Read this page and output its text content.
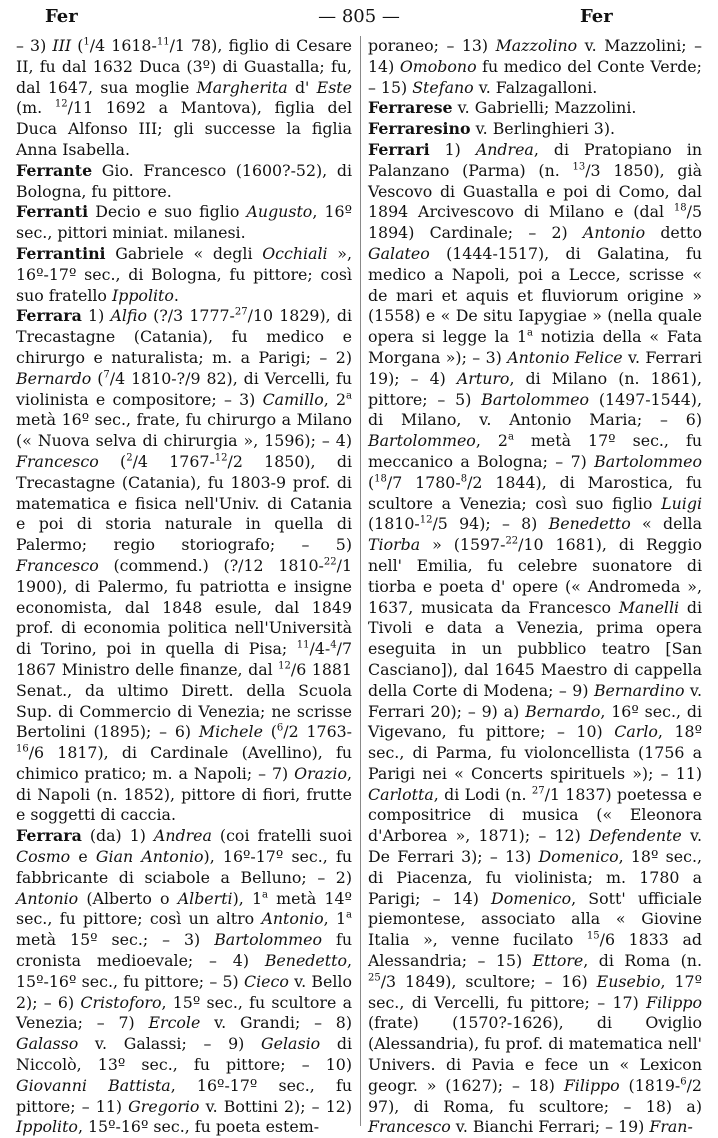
Fer	— 805 —	Fer

– 3) III ($^1$/4 1618-$^{11}$/1 78), figlio di Cesare II, fu dal 1632 Duca (3º) di Guastalla; fu, dal 1647, sua moglie Margherita d' Este (m. $^{12}$/11 1692 a Mantova), figlia del Duca Alfonso III; gli successe la figlia Anna Isabella.

Ferrante Gio. Francesco (1600?-52), di Bologna, fu pittore.

Ferranti Decio e suo figlio Augusto, 16º sec., pittori miniat. milanesi.

Ferrantini Gabriele « degli Occhiali », 16º-17º sec., di Bologna, fu pittore; così suo fratello Ippolito.

Ferrara 1) Alfio (?/3 1777-$^{27}$/10 1829), di Trecastagne (Catania), fu medico e chirurgo e naturalista; m. a Parigi; – 2) Bernardo ($^7$/4 1810-?/9 82), di Vercelli, fu violinista e compositore; – 3) Camillo, 2$^a$ metà 16º sec., frate, fu chirurgo a Milano (« Nuova selva di chirurgia », 1596); – 4) Francesco ($^2$/4 1767-$^{12}$/2 1850), di Trecastagne (Catania), fu 1803-9 prof. di matematica e fisica nell'Univ. di Catania e poi di storia naturale in quella di Palermo; regio storiografo; – 5) Francesco (commend.) (?/12 1810-$^{22}$/1 1900), di Palermo, fu patriotta e insigne economista, dal 1848 esule, dal 1849 prof. di economia politica nell'Università di Torino, poi in quella di Pisa; $^{11}$/4-$^4$/7 1867 Ministro delle finanze, dal $^{12}$/6 1881 Senat., da ultimo Dirett. della Scuola Sup. di Commercio di Venezia; ne scrisse Bertolini (1895); – 6) Michele ($^6$/2 1763-$^{16}$/6 1817), di Cardinale (Avellino), fu chimico pratico; m. a Napoli; – 7) Orazio, di Napoli (n. 1852), pittore di fiori, frutte e soggetti di caccia.

Ferrara (da) 1) Andrea (coi fratelli suoi Cosmo e Gian Antonio), 16º-17º sec., fu fabbricante di sciabole a Belluno; – 2) Antonio (Alberto o Alberti), 1$^a$ metà 14º sec., fu pittore; così un altro Antonio, 1$^a$ metà 15º sec.; – 3) Bartolommeo fu cronista medioevale; – 4) Benedetto, 15º-16º sec., fu pittore; – 5) Cieco v. Bello 2); – 6) Cristoforo, 15º sec., fu scultore a Venezia; – 7) Ercole v. Grandi; – 8) Galasso v. Galassi; – 9) Gelasio di Niccolò, 13º sec., fu pittore; – 10) Giovanni Battista, 16º-17º sec., fu pittore; – 11) Gregorio v. Bottini 2); – 12) Ippolito, 15º-16º sec., fu poeta estem-

poraneo; – 13) Mazzolino v. Mazzolini; – 14) Omobono fu medico del Conte Verde; – 15) Stefano v. Falzagalloni.

Ferrarese v. Gabrielli; Mazzolini.

Ferraresino v. Berlinghieri 3).

Ferrari 1) Andrea, di Pratopiano in Palanzano (Parma) (n. $^{13}$/3 1850), già Vescovo di Guastalla e poi di Como, dal 1894 Arcivescovo di Milano e (dal $^{18}$/5 1894) Cardinale; – 2) Antonio detto Galateo (1444-1517), di Galatina, fu medico a Napoli, poi a Lecce, scrisse « de mari et aquis et fluviorum origine » (1558) e « De situ Iapygiae » (nella quale opera si legge la 1$^a$ notizia della « Fata Morgana »); – 3) Antonio Felice v. Ferrari 19); – 4) Arturo, di Milano (n. 1861), pittore; – 5) Bartolommeo (1497-1544), di Milano, v. Antonio Maria; – 6) Bartolommeo, 2$^a$ metà 17º sec., fu meccanico a Bologna; – 7) Bartolommeo ($^{18}$/7 1780-$^8$/2 1844), di Marostica, fu scultore a Venezia; così suo figlio Luigi (1810-$^{12}$/5 94); – 8) Benedetto « della Tiorba » (1597-$^{22}$/10 1681), di Reggio nell' Emilia, fu celebre suonatore di tiorba e poeta d' opere (« Andromeda », 1637, musicata da Francesco Manelli di Tivoli e data a Venezia, prima opera eseguita in un pubblico teatro [San Casciano]), dal 1645 Maestro di cappella della Corte di Modena; – 9) Bernardino v. Ferrari 20); – 9) a) Bernardo, 16º sec., di Vigevano, fu pittore; – 10) Carlo, 18º sec., di Parma, fu violoncellista (1756 a Parigi nei « Concerts spirituels »); – 11) Carlotta, di Lodi (n. $^{27}$/1 1837) poetessa e compositrice di musica (« Eleonora d'Arborea », 1871); – 12) Defendente v. De Ferrari 3); – 13) Domenico, 18º sec., di Piacenza, fu violinista; m. 1780 a Parigi; – 14) Domenico, Sott' ufficiale piemontese, associato alla « Giovine Italia », venne fucilato $^{15}$/6 1833 ad Alessandria; – 15) Ettore, di Roma (n. $^{25}$/3 1849), scultore; – 16) Eusebio, 17º sec., di Vercelli, fu pittore; – 17) Filippo (frate) (1570?-1626), di Oviglio (Alessandria), fu prof. di matematica nell' Univers. di Pavia e fece un « Lexicon geogr. » (1627); – 18) Filippo (1819-$^6$/2 97), di Roma, fu scultore; – 18) a) Francesco v. Bianchi Ferrari; – 19) Fran-
